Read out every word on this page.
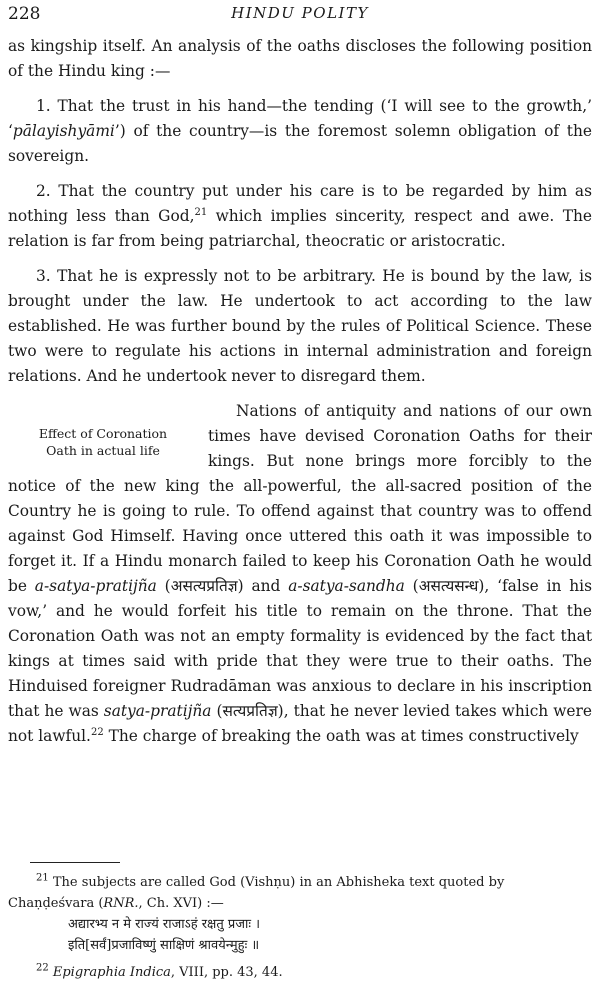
228	HINDU POLITY

as kingship itself. An analysis of the oaths discloses the following position of the Hindu king :—

1. That the trust in his hand—the tending (‘I will see to the growth,’ ‘pālayishyāmi’) of the country—is the foremost solemn obligation of the sovereign.

2. That the country put under his care is to be regarded by him as nothing less than God,$^{21}$ which implies sincerity, respect and awe. The relation is far from being patriarchal, theocratic or aristocratic.

3. That he is expressly not to be arbitrary. He is bound by the law, is brought under the law. He undertook to act according to the law established. He was further bound by the rules of Political Science. These two were to regulate his actions in internal administration and foreign relations. And he undertook never to disregard them.

Effect of Coronation
Oath in actual life

Nations of antiquity and nations of our own times have devised Coronation Oaths for their kings. But none brings more forcibly to the notice of the new king the all-powerful, the all-sacred position of the Country he is going to rule. To offend against that country was to offend against God Himself. Having once uttered this oath it was impossible to forget it. If a Hindu monarch failed to keep his Coronation Oath he would be a-satya-pratijña (असत्यप्रतिज्ञ) and a-satya-sandha (असत्यसन्ध), ‘false in his vow,’ and he would forfeit his title to remain on the throne. That the Coronation Oath was not an empty formality is evidenced by the fact that kings at times said with pride that they were true to their oaths. The Hinduised foreigner Rudradāman was anxious to declare in his inscription that he was satya-pratijña (सत्यप्रतिज्ञ), that he never levied takes which were not lawful.$^{22}$ The charge of breaking the oath was at times constructively

$^{21}$ The subjects are called God (Vishṇu) in an Abhisheka text quoted by Chaṇḍeśvara (RNR., Ch. XVI) :—

अद्यारभ्य न मे राज्यं राजाऽहं रक्षतु प्रजाः ।

इति[सर्वं]प्रजाविष्णुं साक्षिणं श्रावयेन्मुहुः ॥

$^{22}$ Epigraphia Indica, VIII, pp. 43, 44.
